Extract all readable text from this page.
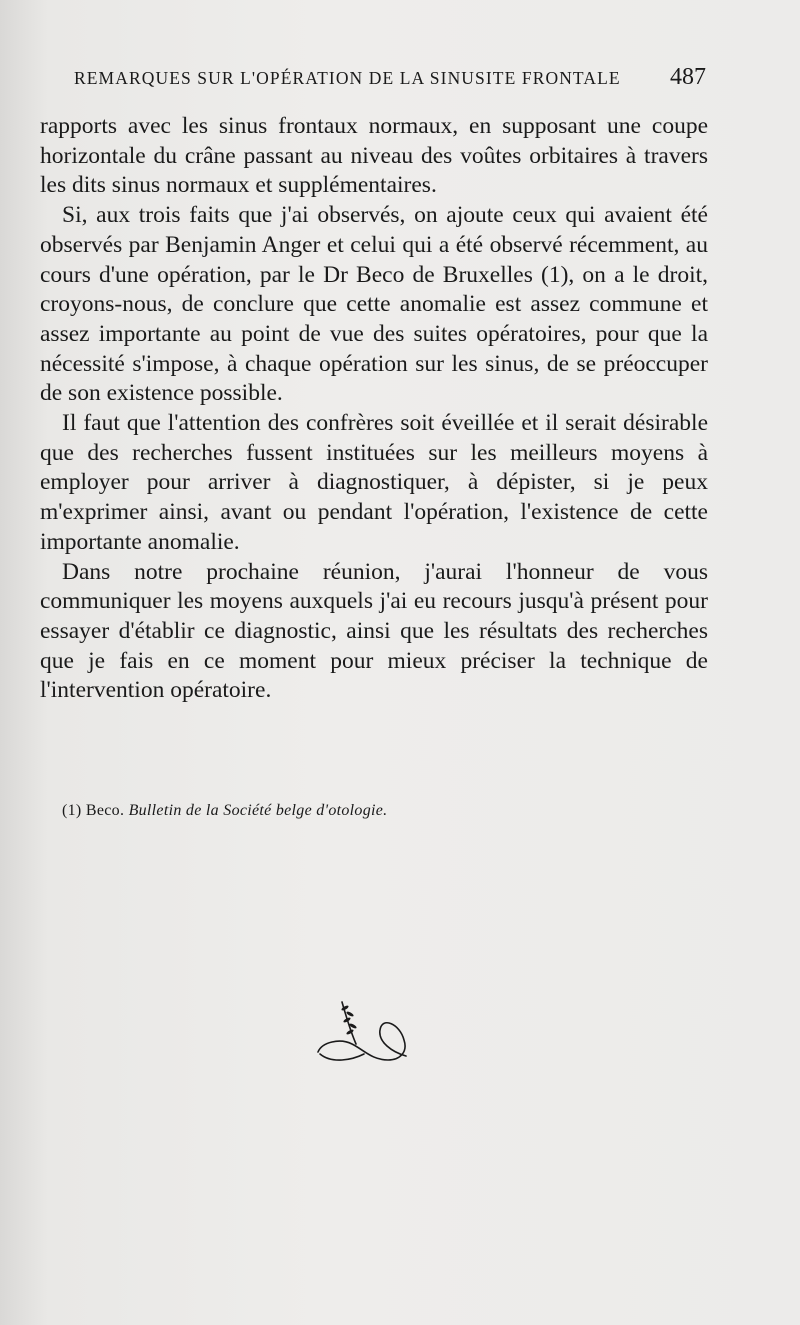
REMARQUES SUR L'OPÉRATION DE LA SINUSITE FRONTALE 487

rapports avec les sinus frontaux normaux, en supposant une coupe horizontale du crâne passant au niveau des voûtes orbitaires à travers les dits sinus normaux et supplémentaires.

Si, aux trois faits que j'ai observés, on ajoute ceux qui avaient été observés par Benjamin Anger et celui qui a été observé récemment, au cours d'une opération, par le Dr Beco de Bruxelles (1), on a le droit, croyons-nous, de conclure que cette anomalie est assez commune et assez importante au point de vue des suites opératoires, pour que la nécessité s'impose, à chaque opération sur les sinus, de se préoccuper de son existence possible.

Il faut que l'attention des confrères soit éveillée et il serait désirable que des recherches fussent instituées sur les meilleurs moyens à employer pour arriver à diagnostiquer, à dépister, si je peux m'exprimer ainsi, avant ou pendant l'opération, l'existence de cette importante anomalie.

Dans notre prochaine réunion, j'aurai l'honneur de vous communiquer les moyens auxquels j'ai eu recours jusqu'à présent pour essayer d'établir ce diagnostic, ainsi que les résultats des recherches que je fais en ce moment pour mieux préciser la technique de l'intervention opératoire.

(1) Beco. Bulletin de la Société belge d'otologie.
